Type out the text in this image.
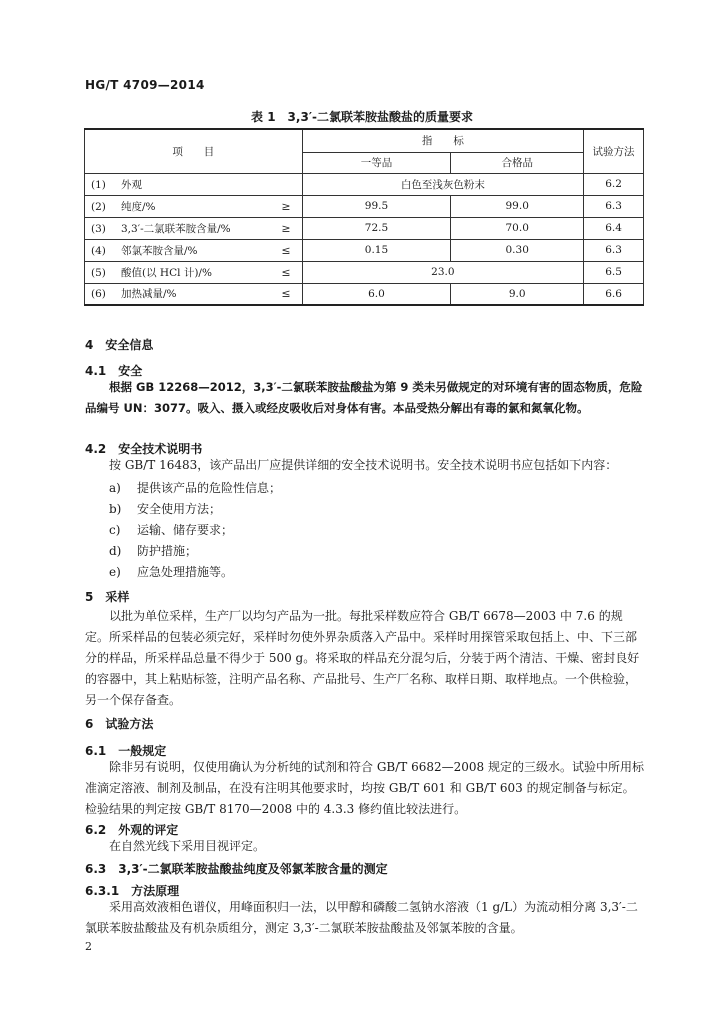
HG/T 4709—2014
表 1　3,3′-二氯联苯胺盐酸盐的质量要求
项　　目	指　　标		试验方法
	一等品	合格品	

(1) 外观	白色至浅灰色粉末		6.2

(2) 纯度/% ≥	99.5	99.0	6.3

(3) 3,3′-二氯联苯胺含量/% ≥	72.5	70.0	6.4

(4) 邻氯苯胺含量/% ≤	0.15	0.30	6.3

(5) 酸值(以 HCl 计)/% ≤	23.0		6.5

(6) 加热减量/% ≤	6.0	9.0	6.6
4　安全信息
4.1　安全
根据 GB 12268—2012，3,3′-二氯联苯胺盐酸盐为第 9 类未另做规定的对环境有害的固态物质，危险品编号 UN：3077。吸入、摄入或经皮吸收后对身体有害。本品受热分解出有毒的氯和氮氧化物。
4.2　安全技术说明书
按 GB/T 16483，该产品出厂应提供详细的安全技术说明书。安全技术说明书应包括如下内容：
a) 提供该产品的危险性信息；
b) 安全使用方法；
c) 运输、储存要求；
d) 防护措施；
e) 应急处理措施等。
5　采样
以批为单位采样，生产厂以均匀产品为一批。每批采样数应符合 GB/T 6678—2003 中 7.6 的规定。所采样品的包装必须完好，采样时勿使外界杂质落入产品中。采样时用探管采取包括上、中、下三部分的样品，所采样品总量不得少于 500 g。将采取的样品充分混匀后，分装于两个清洁、干燥、密封良好的容器中，其上粘贴标签，注明产品名称、产品批号、生产厂名称、取样日期、取样地点。一个供检验，另一个保存备查。
6　试验方法
6.1　一般规定
除非另有说明，仅使用确认为分析纯的试剂和符合 GB/T 6682—2008 规定的三级水。试验中所用标准滴定溶液、制剂及制品，在没有注明其他要求时，均按 GB/T 601 和 GB/T 603 的规定制备与标定。检验结果的判定按 GB/T 8170—2008 中的 4.3.3 修约值比较法进行。
6.2　外观的评定
在自然光线下采用目视评定。
6.3　3,3′-二氯联苯胺盐酸盐纯度及邻氯苯胺含量的测定
6.3.1　方法原理
采用高效液相色谱仪，用峰面积归一法，以甲醇和磷酸二氢钠水溶液（1 g/L）为流动相分离 3,3′-二氯联苯胺盐酸盐及有机杂质组分，测定 3,3′-二氯联苯胺盐酸盐及邻氯苯胺的含量。
2
